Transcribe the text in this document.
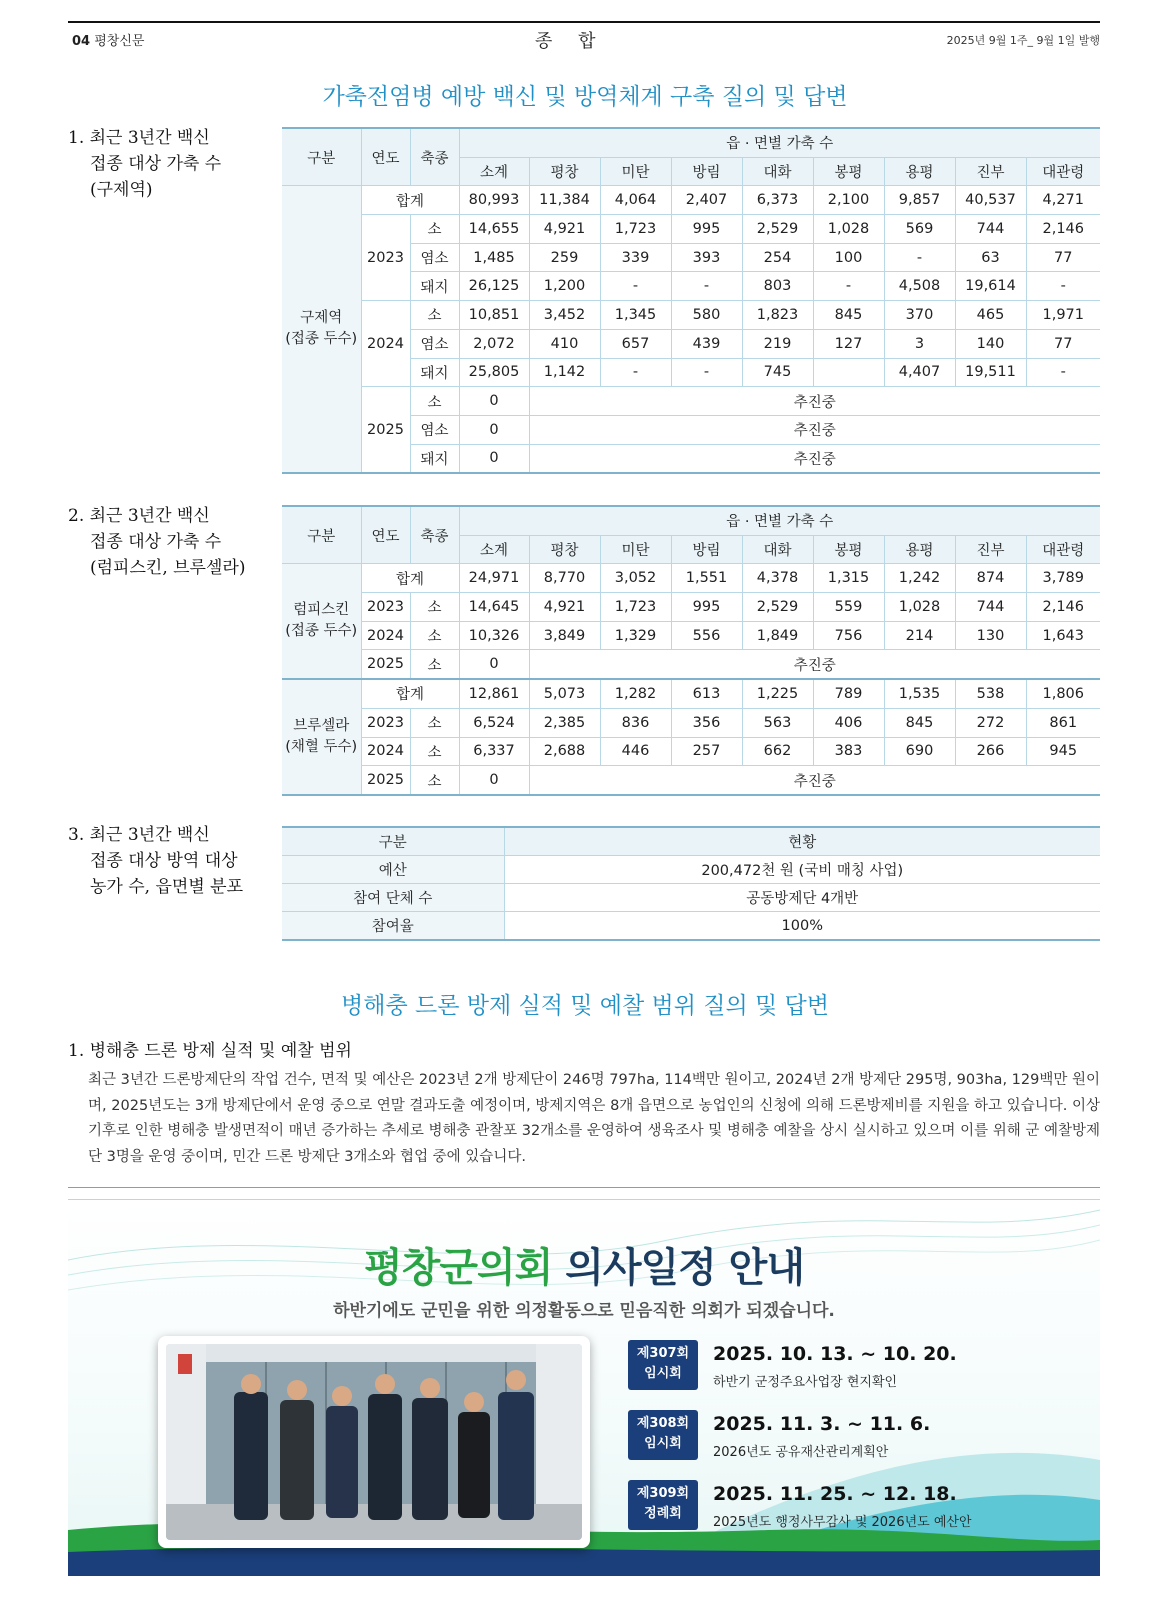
04 평창신문	종 합	2025년 9월 1주_ 9월 1일 발행
가축전염병 예방 백신 및 방역체계 구축 질의 및 답변
1. 최근 3년간 백신
접종 대상 가축 수
(구제역)
구분	연도	축종	읍 · 면별 가축 수								
			소계	평창	미탄	방림	대화	봉평	용평	진부	대관령
구제역
(접종 두수)	합계		80,993	11,384	4,064	2,407	6,373	2,100	9,857	40,537	4,271
	2023	소	14,655	4,921	1,723	995	2,529	1,028	569	744	2,146
		염소	1,485	259	339	393	254	100	-	63	77
		돼지	26,125	1,200	-	-	803	-	4,508	19,614	-
	2024	소	10,851	3,452	1,345	580	1,823	845	370	465	1,971
		염소	2,072	410	657	439	219	127	3	140	77
		돼지	25,805	1,142	-	-	745		4,407	19,511	-
	2025	소	0	추진중							
		염소	0	추진중							
		돼지	0	추진중							
2. 최근 3년간 백신
접종 대상 가축 수
(럼피스킨, 브루셀라)
구분	연도	축종	읍 · 면별 가축 수								
			소계	평창	미탄	방림	대화	봉평	용평	진부	대관령
럼피스킨
(접종 두수)	합계		24,971	8,770	3,052	1,551	4,378	1,315	1,242	874	3,789
	2023	소	14,645	4,921	1,723	995	2,529	559	1,028	744	2,146
	2024	소	10,326	3,849	1,329	556	1,849	756	214	130	1,643
	2025	소	0	추진중							
브루셀라
(채혈 두수)	합계		12,861	5,073	1,282	613	1,225	789	1,535	538	1,806
	2023	소	6,524	2,385	836	356	563	406	845	272	861
	2024	소	6,337	2,688	446	257	662	383	690	266	945
	2025	소	0	추진중							
3. 최근 3년간 백신
접종 대상 방역 대상
농가 수, 읍면별 분포
구분	현황
예산	200,472천 원 (국비 매칭 사업)
참여 단체 수	공동방제단 4개반
참여율	100%
병해충 드론 방제 실적 및 예찰 범위 질의 및 답변
1. 병해충 드론 방제 실적 및 예찰 범위
최근 3년간 드론방제단의 작업 건수, 면적 및 예산은 2023년 2개 방제단이 246명 797ha, 114백만 원이고, 2024년 2개 방제단 295명, 903ha, 129백만 원이며, 2025년도는 3개 방제단에서 운영 중으로 연말 결과도출 예정이며, 방제지역은 8개 읍면으로 농업인의 신청에 의해 드론방제비를 지원을 하고 있습니다. 이상기후로 인한 병해충 발생면적이 매년 증가하는 추세로 병해충 관찰포 32개소를 운영하여 생육조사 및 병해충 예찰을 상시 실시하고 있으며 이를 위해 군 예찰방제단 3명을 운영 중이며, 민간 드론 방제단 3개소와 협업 중에 있습니다.
평창군의회 의사일정 안내
하반기에도 군민을 위한 의정활동으로 믿음직한 의회가 되겠습니다.
제307회
임시회
2025. 10. 13. ~ 10. 20.
하반기 군정주요사업장 현지확인
제308회
임시회
2025. 11. 3. ~ 11. 6.
2026년도 공유재산관리계획안
제309회
정례회
2025. 11. 25. ~ 12. 18.
2025년도 행정사무감사 및 2026년도 예산안
